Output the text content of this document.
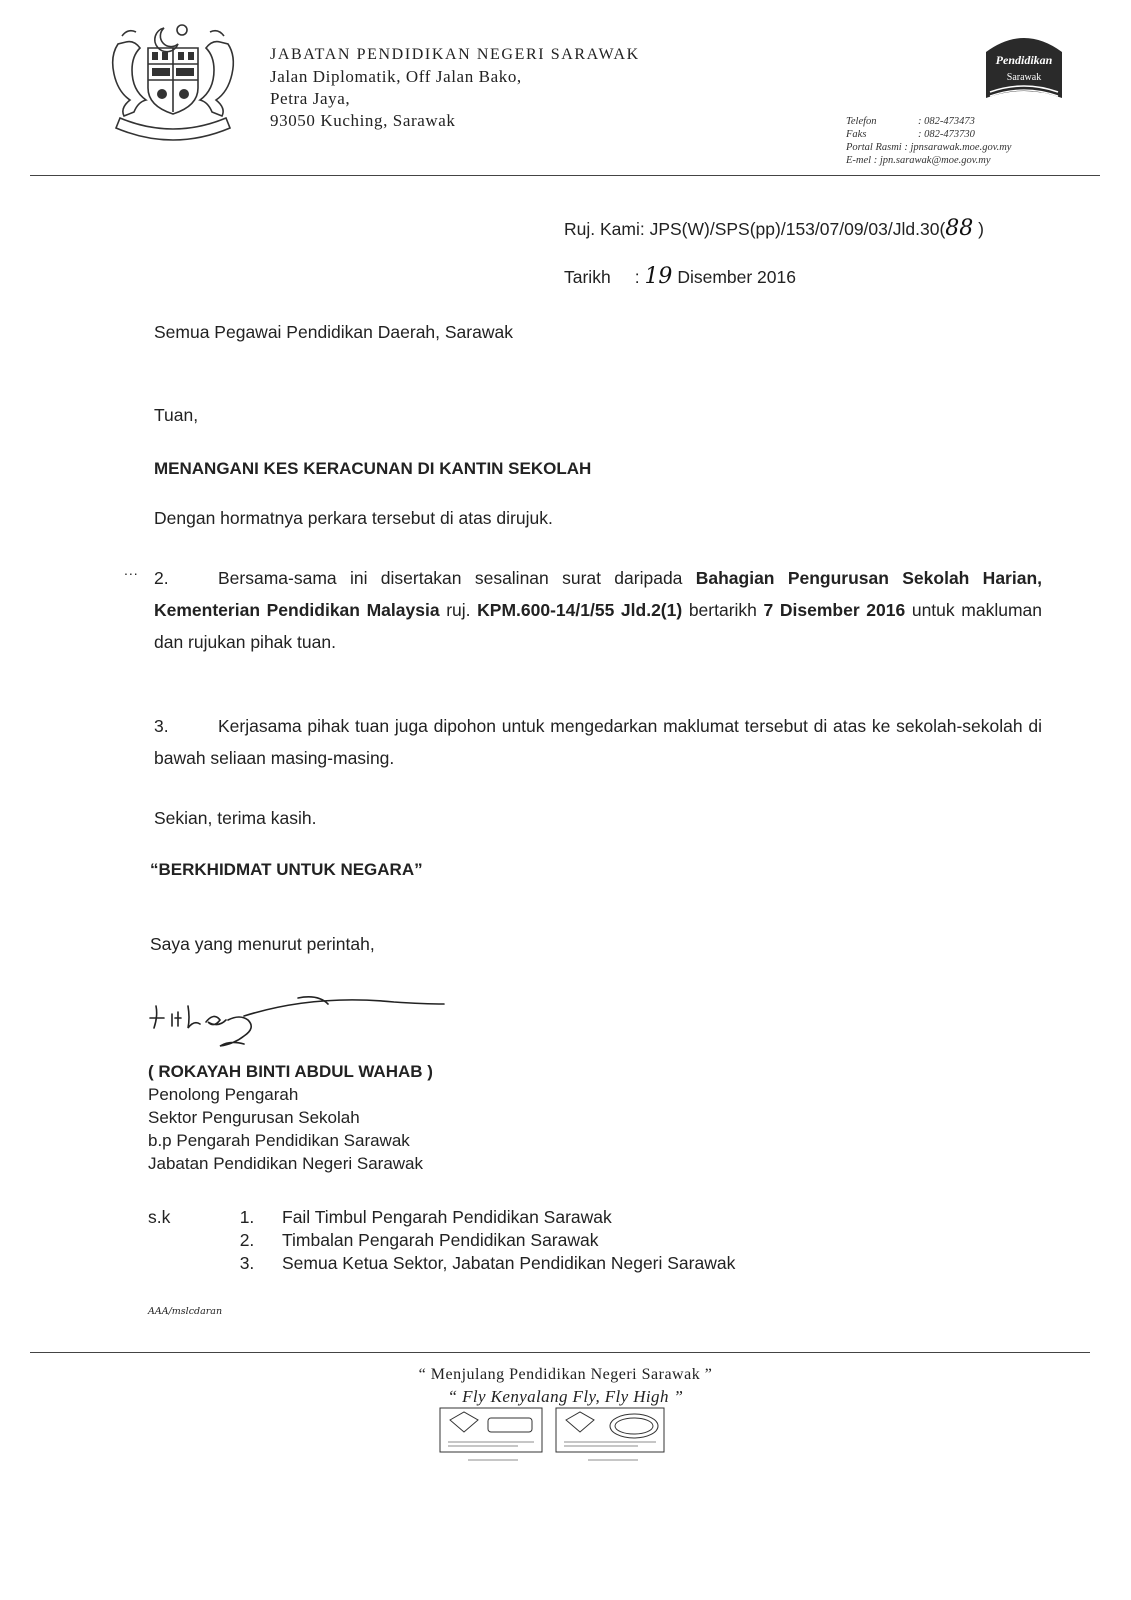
JABATAN PENDIDIKAN NEGERI SARAWAK
Jalan Diplomatik, Off Jalan Bako,
Petra Jaya,
93050 Kuching, Sarawak
Pendidikan
Sarawak
Telefon	: 082-473473
Faks	: 082-473730
Portal Rasmi : jpnsarawak.moe.gov.my
E-mel : jpn.sarawak@moe.gov.my
Ruj. Kami: JPS(W)/SPS(pp)/153/07/09/03/Jld.30(88 )
Tarikh : 19 Disember 2016
Semua Pegawai Pendidikan Daerah, Sarawak
Tuan,
MENANGANI KES KERACUNAN DI KANTIN SEKOLAH
Dengan hormatnya perkara tersebut di atas dirujuk.
... 2.	Bersama-sama ini disertakan sesalinan surat daripada Bahagian Pengurusan Sekolah Harian, Kementerian Pendidikan Malaysia ruj. KPM.600-14/1/55 Jld.2(1) bertarikh 7 Disember 2016 untuk makluman dan rujukan pihak tuan.
3.	Kerjasama pihak tuan juga dipohon untuk mengedarkan maklumat tersebut di atas ke sekolah-sekolah di bawah seliaan masing-masing.
Sekian, terima kasih.
“BERKHIDMAT UNTUK NEGARA”
Saya yang menurut perintah,
( ROKAYAH BINTI ABDUL WAHAB )
Penolong Pengarah
Sektor Pengurusan Sekolah
b.p Pengarah Pendidikan Sarawak
Jabatan Pendidikan Negeri Sarawak
s.k	1.	Fail Timbul Pengarah Pendidikan Sarawak
2.	Timbalan Pengarah Pendidikan Sarawak
3.	Semua Ketua Sektor, Jabatan Pendidikan Negeri Sarawak
AAA/mslcdaran
“ Menjulang Pendidikan Negeri Sarawak ”
“ Fly Kenyalang Fly, Fly High ”
